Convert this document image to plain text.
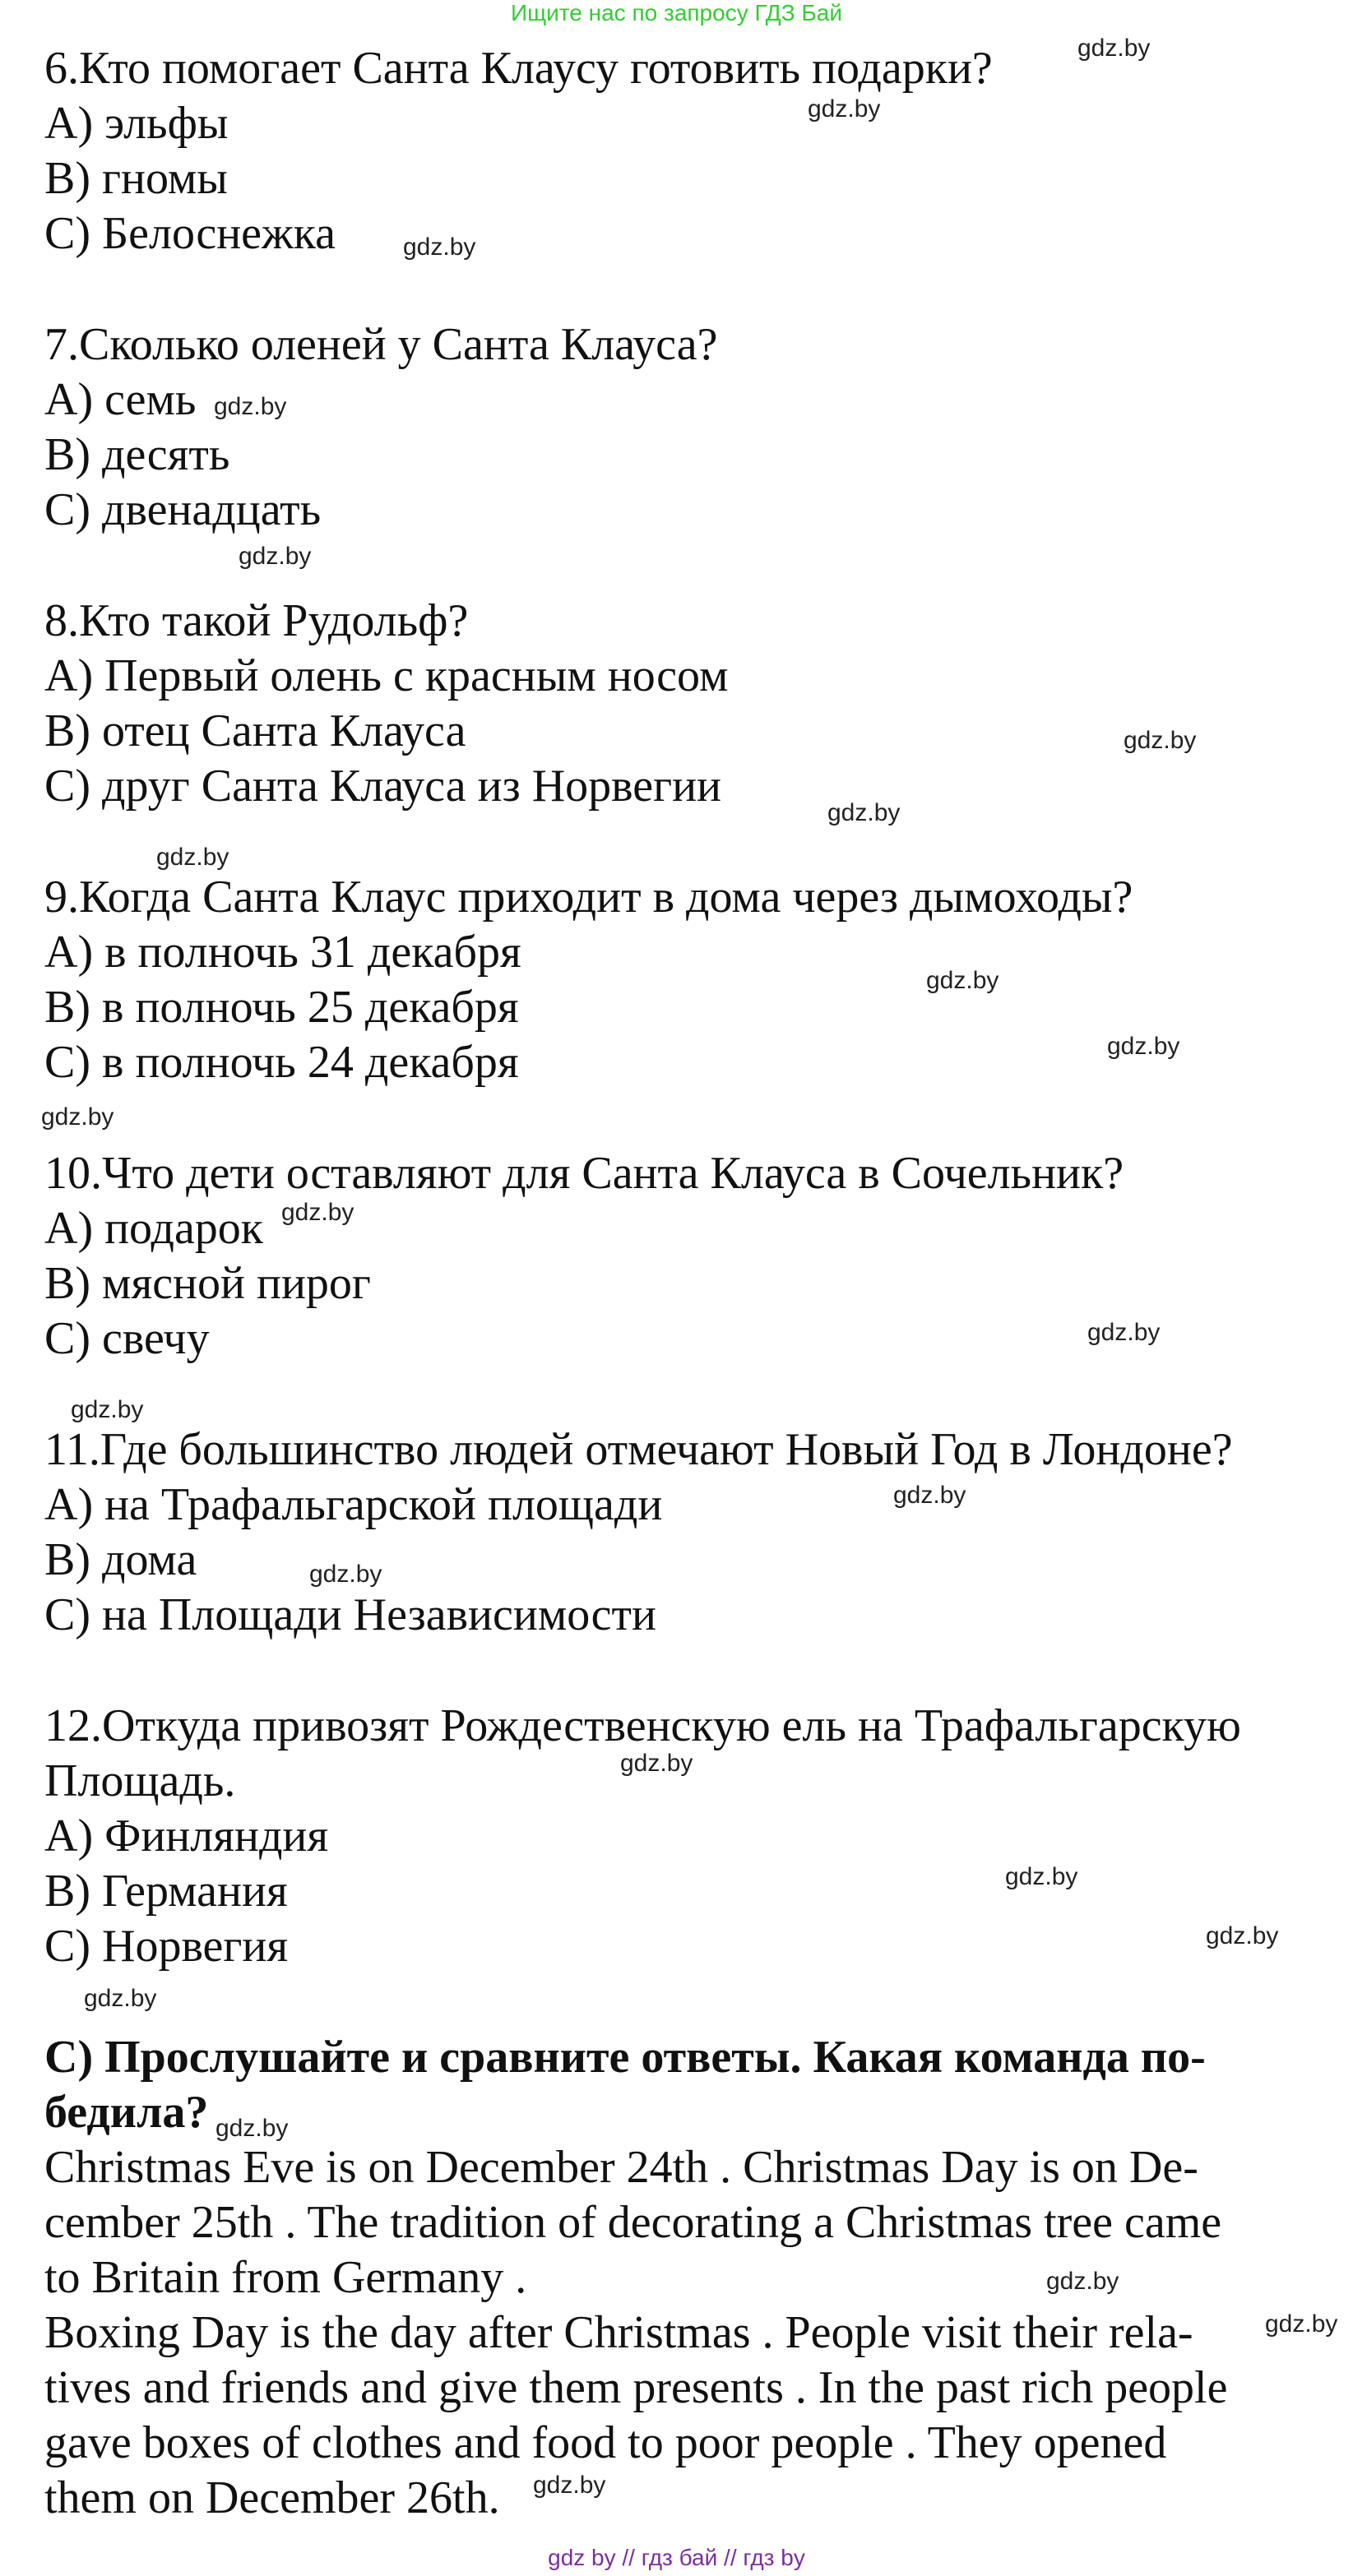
Ищите нас по запросу ГДЗ Бай
6.Кто помогает Санта Клаусу готовить подарки?
A) эльфы
B) гномы
C) Белоснежка
7.Сколько оленей у Санта Клауса?
A) семь
B) десять
C) двенадцать
8.Кто такой Рудольф?
A) Первый олень с красным носом
B) отец Санта Клауса
C) друг Санта Клауса из Норвегии
9.Когда Санта Клаус приходит в дома через дымоходы?
A) в полночь 31 декабря
B) в полночь 25 декабря
C) в полночь 24 декабря
10.Что дети оставляют для Санта Клауса в Сочельник?
A) подарок
B) мясной пирог
C) свечу
11.Где большинство людей отмечают Новый Год в Лондоне?
A) на Трафальгарской площади
B) дома
C) на Площади Независимости
12.Откуда привозят Рождественскую ель на Трафальгарскую
Площадь.
A) Финляндия
B) Германия
C) Норвегия
C) Прослушайте и сравните ответы. Какая команда по-
бедила?
Christmas Eve is on December 24th . Christmas Day is on De-
cember 25th . The tradition of decorating a Christmas tree came
to Britain from Germany .
Boxing Day is the day after Christmas . People visit their rela-
tives and friends and give them presents . In the past rich people
gave boxes of clothes and food to poor people . They opened
them on December 26th.
gdz.by
gdz.by
gdz.by
gdz.by
gdz.by
gdz.by
gdz.by
gdz.by
gdz.by
gdz.by
gdz.by
gdz.by
gdz.by
gdz.by
gdz.by
gdz.by
gdz.by
gdz.by
gdz.by
gdz.by
gdz.by
gdz.by
gdz.by
gdz.by
gdz by // гдз бай // гдз by
